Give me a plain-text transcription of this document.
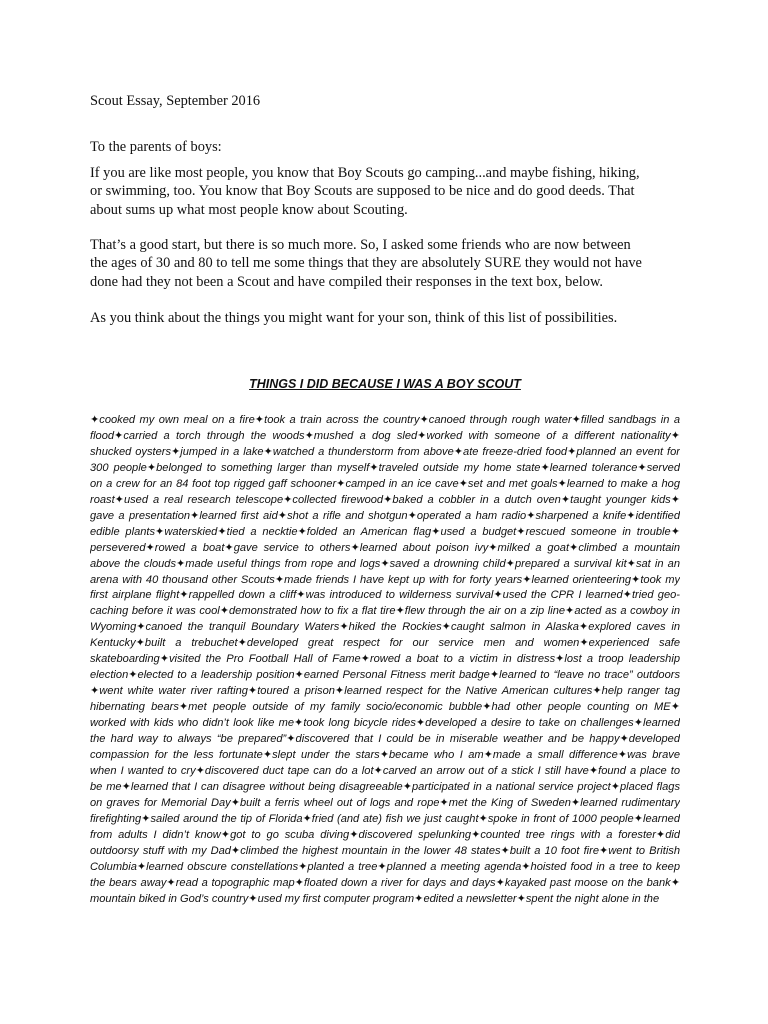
Scout Essay, September 2016
To the parents of boys:
If you are like most people, you know that Boy Scouts go camping...and maybe fishing, hiking,
or swimming, too. You know that Boy Scouts are supposed to be nice and do good deeds. That
about sums up what most people know about Scouting.
That’s a good start, but there is so much more. So, I asked some friends who are now between
the ages of 30 and 80 to tell me some things that they are absolutely SURE they would not have
done had they not been a Scout and have compiled their responses in the text box, below.
As you think about the things you might want for your son, think of this list of possibilities.
THINGS I DID BECAUSE I WAS A BOY SCOUT
✦cooked my own meal on a fire✦took a train across the country✦canoed through rough water✦filled sandbags in a
flood✦carried a torch through the woods✦mushed a dog sled✦worked with someone of a different nationality✦
shucked oysters✦jumped in a lake✦watched a thunderstorm from above✦ate freeze-dried food✦planned an event for
300 people✦belonged to something larger than myself✦traveled outside my home state✦learned tolerance✦served
on a crew for an 84 foot top rigged gaff schooner✦camped in an ice cave✦set and met goals✦learned to make a hog
roast✦used a real research telescope✦collected firewood✦baked a cobbler in a dutch oven✦taught younger kids✦
gave a presentation✦learned first aid✦shot a rifle and shotgun✦operated a ham radio✦sharpened a knife✦identified
edible plants✦waterskied✦tied a necktie✦folded an American flag✦used a budget✦rescued someone in trouble✦
persevered✦rowed a boat✦gave service to others✦learned about poison ivy✦milked a goat✦climbed a mountain
above the clouds✦made useful things from rope and logs✦saved a drowning child✦prepared a survival kit✦sat in an
arena with 40 thousand other Scouts✦made friends I have kept up with for forty years✦learned orienteering✦took my
first airplane flight✦rappelled down a cliff✦was introduced to wilderness survival✦used the CPR I learned✦tried geo-
caching before it was cool✦demonstrated how to fix a flat tire✦flew through the air on a zip line✦acted as a cowboy in
Wyoming✦canoed the tranquil Boundary Waters✦hiked the Rockies✦caught salmon in Alaska✦explored caves in
Kentucky✦built a trebuchet✦developed great respect for our service men and women✦experienced safe
skateboarding✦visited the Pro Football Hall of Fame✦rowed a boat to a victim in distress✦lost a troop leadership
election✦elected to a leadership position✦earned Personal Fitness merit badge✦learned to “leave no trace” outdoors
✦went white water river rafting✦toured a prison✦learned respect for the Native American cultures✦help ranger tag
hibernating bears✦met people outside of my family socio/economic bubble✦had other people counting on ME✦
worked with kids who didn’t look like me✦took long bicycle rides✦developed a desire to take on challenges✦learned
the hard way to always “be prepared”✦discovered that I could be in miserable weather and be happy✦developed
compassion for the less fortunate✦slept under the stars✦became who I am✦made a small difference✦was brave
when I wanted to cry✦discovered duct tape can do a lot✦carved an arrow out of a stick I still have✦found a place to
be me✦learned that I can disagree without being disagreeable✦participated in a national service project✦placed flags
on graves for Memorial Day✦built a ferris wheel out of logs and rope✦met the King of Sweden✦learned rudimentary
firefighting✦sailed around the tip of Florida✦fried (and ate) fish we just caught✦spoke in front of 1000 people✦learned
from adults I didn’t know✦got to go scuba diving✦discovered spelunking✦counted tree rings with a forester✦did
outdoorsy stuff with my Dad✦climbed the highest mountain in the lower 48 states✦built a 10 foot fire✦went to British
Columbia✦learned obscure constellations✦planted a tree✦planned a meeting agenda✦hoisted food in a tree to keep
the bears away✦read a topographic map✦floated down a river for days and days✦kayaked past moose on the bank✦
mountain biked in God’s country✦used my first computer program✦edited a newsletter✦spent the night alone in the
